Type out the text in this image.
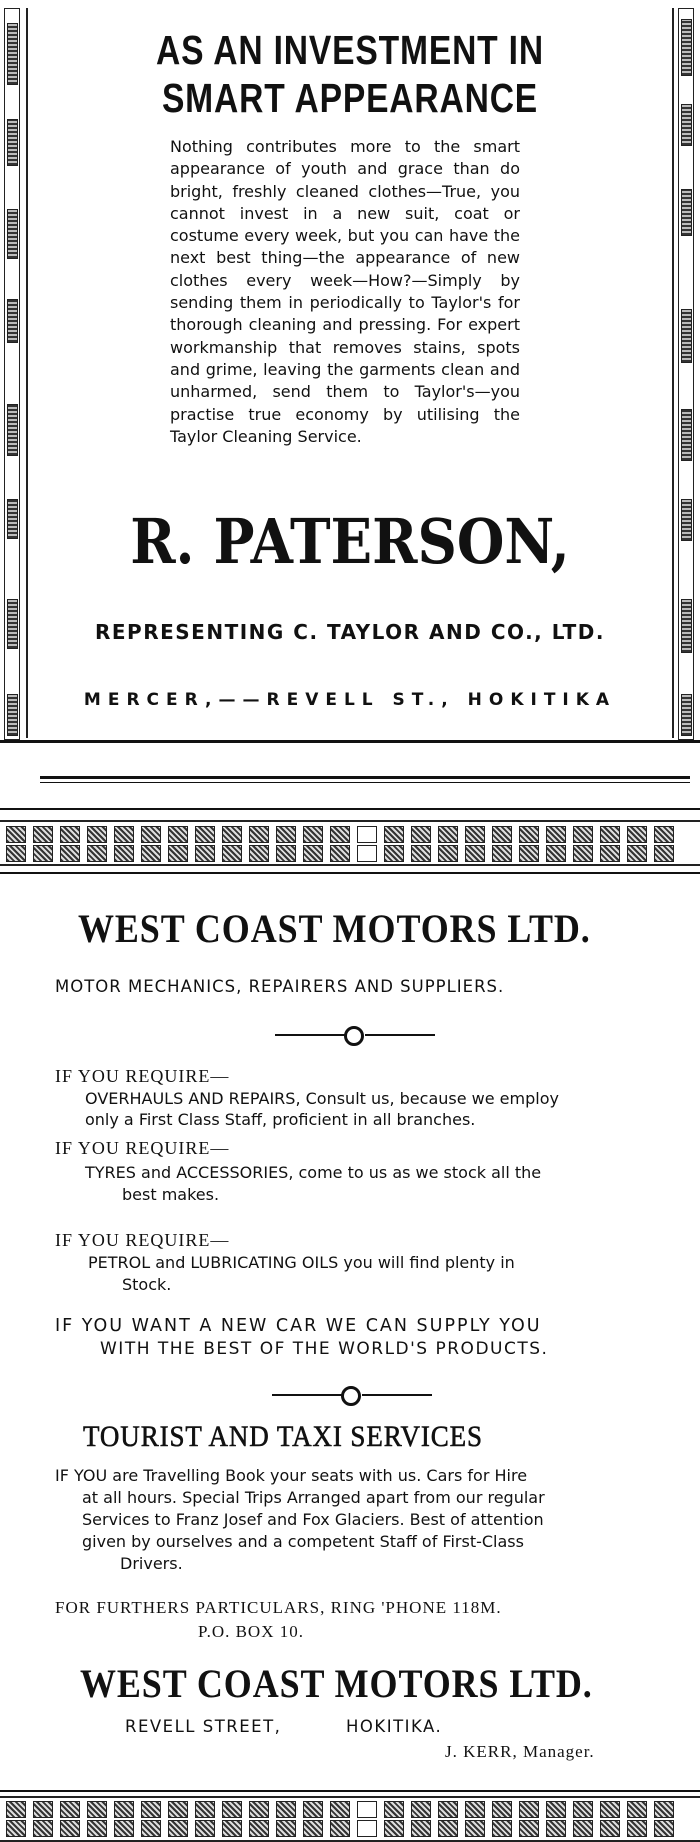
AS AN INVESTMENT IN
SMART APPEARANCE
Nothing contributes more to the smart appearance of youth and grace than do bright, freshly cleaned clothes—True, you cannot invest in a new suit, coat or costume every week, but you can have the next best thing—the appearance of new clothes every week—How?—Simply by sending them in periodically to Taylor's for thorough cleaning and pressing. For expert workmanship that removes stains, spots and grime, leaving the garments clean and unharmed, send them to Taylor's—you practise true economy by utilising the Taylor Cleaning Service.
R. PATERSON,
REPRESENTING C. TAYLOR AND CO., LTD.
MERCER,——REVELL ST., HOKITIKA
WEST COAST MOTORS LTD.
MOTOR MECHANICS, REPAIRERS AND SUPPLIERS.
IF YOU REQUIRE—
OVERHAULS AND REPAIRS, Consult us, because we employ
only a First Class Staff, proficient in all branches.
IF YOU REQUIRE—
TYRES and ACCESSORIES, come to us as we stock all the
best makes.
IF YOU REQUIRE—
PETROL and LUBRICATING OILS you will find plenty in
Stock.
IF YOU WANT A NEW CAR WE CAN SUPPLY YOU
WITH THE BEST OF THE WORLD'S PRODUCTS.
TOURIST AND TAXI SERVICES
IF YOU are Travelling Book your seats with us. Cars for Hire
at all hours. Special Trips Arranged apart from our regular
Services to Franz Josef and Fox Glaciers. Best of attention
given by ourselves and a competent Staff of First-Class
Drivers.
FOR FURTHERS PARTICULARS, RING 'PHONE 118M.
P.O. BOX 10.
WEST COAST MOTORS LTD.
REVELL STREET,	HOKITIKA.
J. KERR, Manager.
